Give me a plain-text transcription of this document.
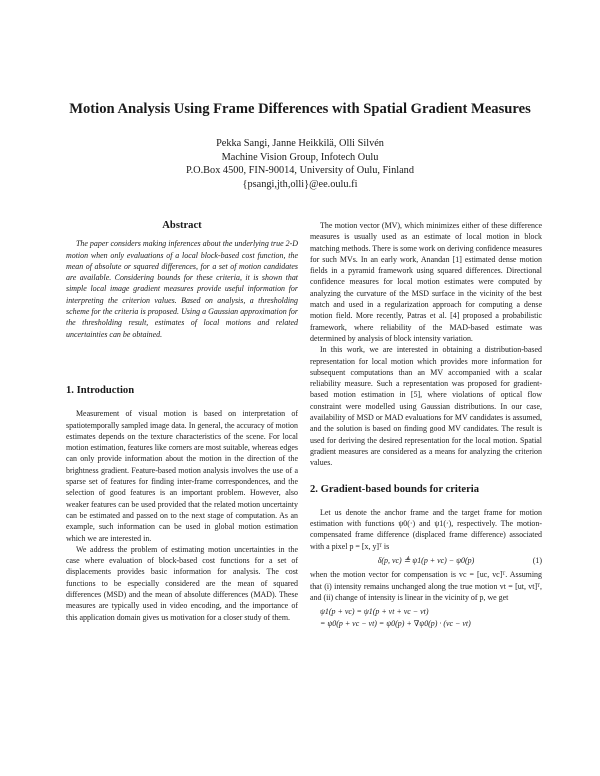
Motion Analysis Using Frame Differences with Spatial Gradient Measures
Pekka Sangi, Janne Heikkilä, Olli Silvén
Machine Vision Group, Infotech Oulu
P.O.Box 4500, FIN-90014, University of Oulu, Finland
{psangi,jth,olli}@ee.oulu.fi
Abstract

The paper considers making inferences about the underlying true 2-D motion when only evaluations of a local block-based cost function, the mean of absolute or squared differences, for a set of motion candidates are available. Considering bounds for these criteria, it is shown that simple local image gradient measures provide useful information for interpreting the criterion values. Based on analysis, a thresholding scheme for the criteria is proposed. Using a Gaussian approximation for the thresholding result, estimates of local motions and related uncertainties can be obtained.

1. Introduction

Measurement of visual motion is based on interpretation of spatiotemporally sampled image data. In general, the accuracy of motion estimates depends on the texture characteristics of the scene. For local motion estimation, features like corners are most suitable, whereas edges can only provide information about the motion in the direction of the brightness gradient. Feature-based motion analysis involves the use of a sparse set of features for finding inter-frame correspondences, and the selection of good features is an important problem. However, also weaker features can be used provided that the related motion uncertainty can be estimated and passed on to the next stage of computation. As an example, such information can be used in global motion estimation which we are interested in.

We address the problem of estimating motion uncertainties in the case where evaluation of block-based cost functions for a set of displacements provides basic information for analysis. The cost functions to be especially considered are the mean of squared differences (MSD) and the mean of absolute differences (MAD). These measures are typically used in video encoding, and the importance of this application domain gives us motivation for a closer study of them.

The motion vector (MV), which minimizes either of these difference measures is usually used as an estimate of local motion in block matching methods. There is some work on deriving confidence measures for such MVs. In an early work, Anandan [1] estimated dense motion fields in a pyramid framework using squared differences. Directional confidence measures for local motion estimates were computed by analyzing the curvature of the MSD surface in the vicinity of the best match and used in a regularization approach for computing a dense motion field. More recently, Patras et al. [4] proposed a probabilistic framework, where reliability of the MAD-based estimate was determined by analysis of block intensity variation.

In this work, we are interested in obtaining a distribution-based representation for local motion which provides more information for subsequent computations than an MV accompanied with a scalar reliability measure. Such a representation was proposed for gradient-based motion estimation in [5], where violations of optical flow constraint were modelled using Gaussian distributions. In our case, availability of MSD or MAD evaluations for MV candidates is assumed, and the solution is based on finding good MV candidates. The result is used for deriving the desired representation for the local motion. Spatial gradient measures are considered as a means for analyzing the criterion values.

2. Gradient-based bounds for criteria

Let us denote the anchor frame and the target frame for motion estimation with functions ψ0(·) and ψ1(·), respectively. The motion-compensated frame difference (displaced frame difference) associated with a pixel p = [x, y]ᵀ is

δ(p, vc) ≜ ψ1(p + vc) − ψ0(p)	(1)

when the motion vector for compensation is vc = [uc, vc]ᵀ. Assuming that (i) intensity remains unchanged along the true motion vt = [ut, vt]ᵀ, and (ii) change of intensity is linear in the vicinity of p, we get

ψ1(p + vc) = ψ1(p + vt + vc − vt)
= ψ0(p + vc − vt) = ψ0(p) + ∇ψ0(p) · (vc − vt)
